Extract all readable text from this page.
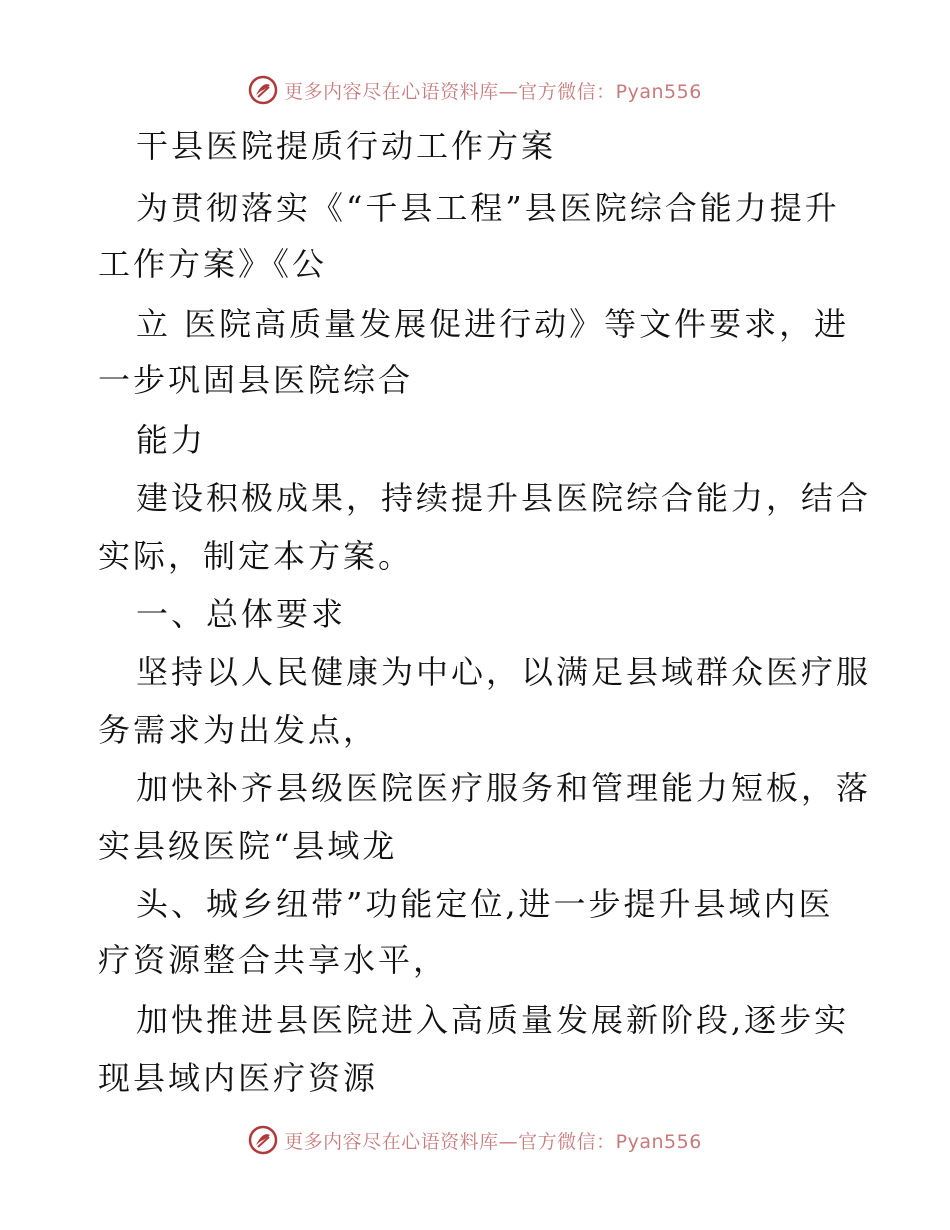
更多内容尽在心语资料库—官方微信：Pyan556
干县医院提质行动工作方案
为贯彻落实《“千县工程”县医院综合能力提升
工作方案》《公
立 医院高质量发展促进行动》等文件要求，进
一步巩固县医院综合
能力
建设积极成果，持续提升县医院综合能力，结合
实际，制定本方案。
一、总体要求
坚持以人民健康为中心，以满足县域群众医疗服
务需求为出发点，
加快补齐县级医院医疗服务和管理能力短板，落
实县级医院“县域龙
头、城乡纽带”功能定位,进一步提升县域内医
疗资源整合共享水平，
加快推进县医院进入高质量发展新阶段,逐步实
现县域内医疗资源
更多内容尽在心语资料库—官方微信：Pyan556
